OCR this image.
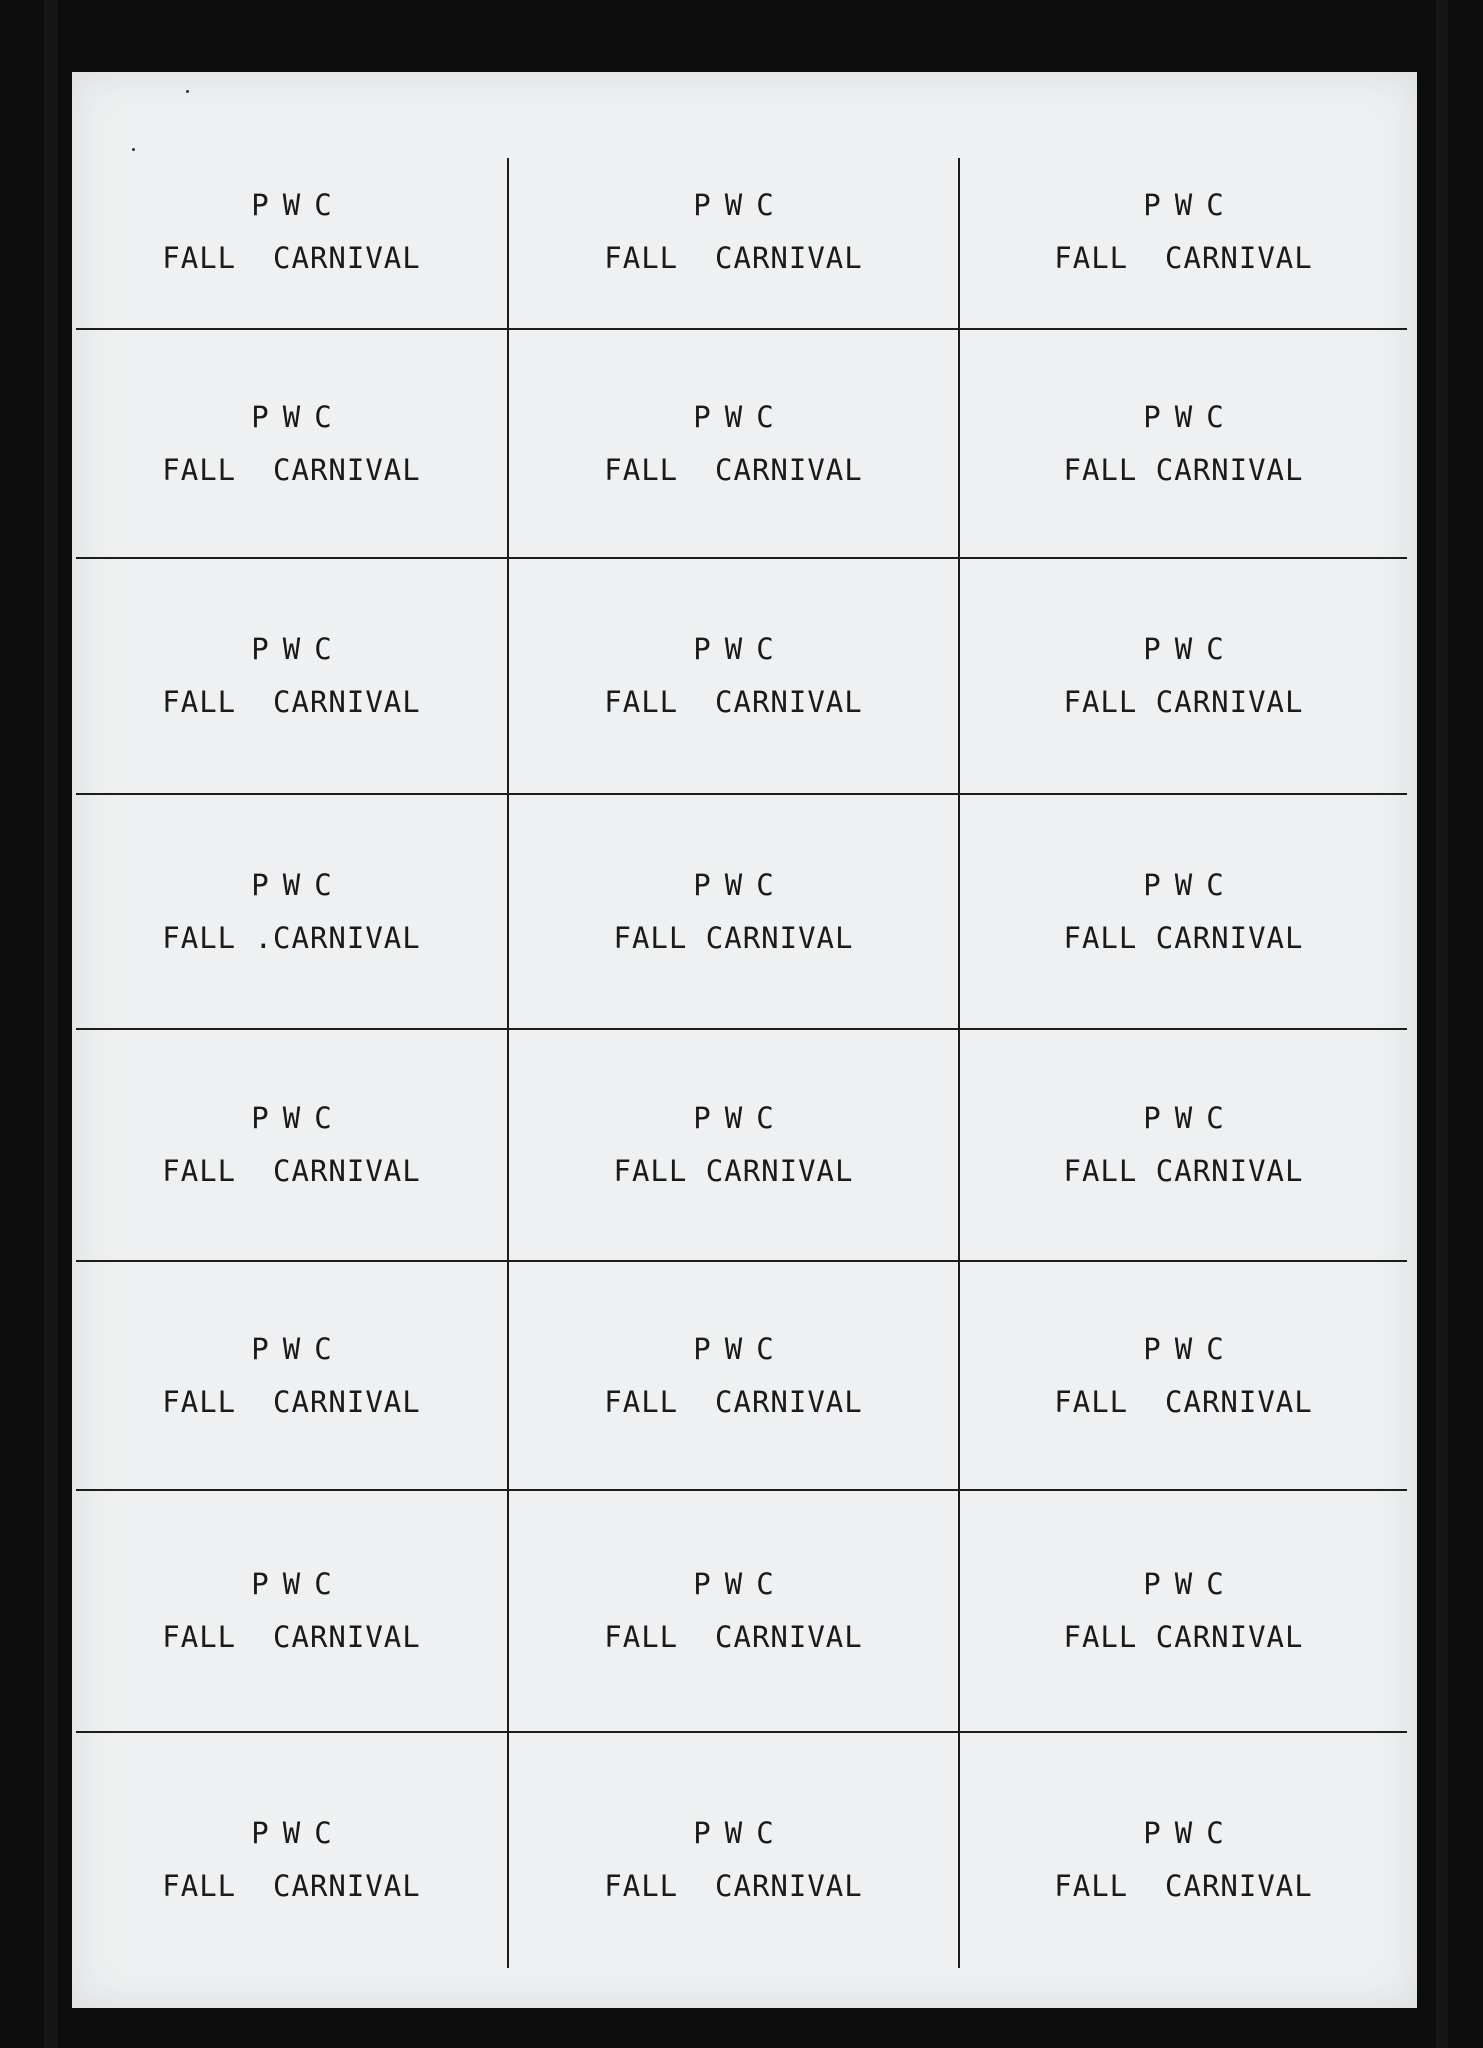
PWC
FALL  CARNIVAL
PWC
FALL  CARNIVAL
PWC
FALL  CARNIVAL
PWC
FALL  CARNIVAL
PWC
FALL  CARNIVAL
PWC
FALL CARNIVAL
PWC
FALL  CARNIVAL
PWC
FALL  CARNIVAL
PWC
FALL CARNIVAL
PWC
FALL .CARNIVAL
PWC
FALL CARNIVAL
PWC
FALL CARNIVAL
PWC
FALL  CARNIVAL
PWC
FALL CARNIVAL
PWC
FALL CARNIVAL
PWC
FALL  CARNIVAL
PWC
FALL  CARNIVAL
PWC
FALL  CARNIVAL
PWC
FALL  CARNIVAL
PWC
FALL  CARNIVAL
PWC
FALL CARNIVAL
PWC
FALL  CARNIVAL
PWC
FALL  CARNIVAL
PWC
FALL  CARNIVAL
